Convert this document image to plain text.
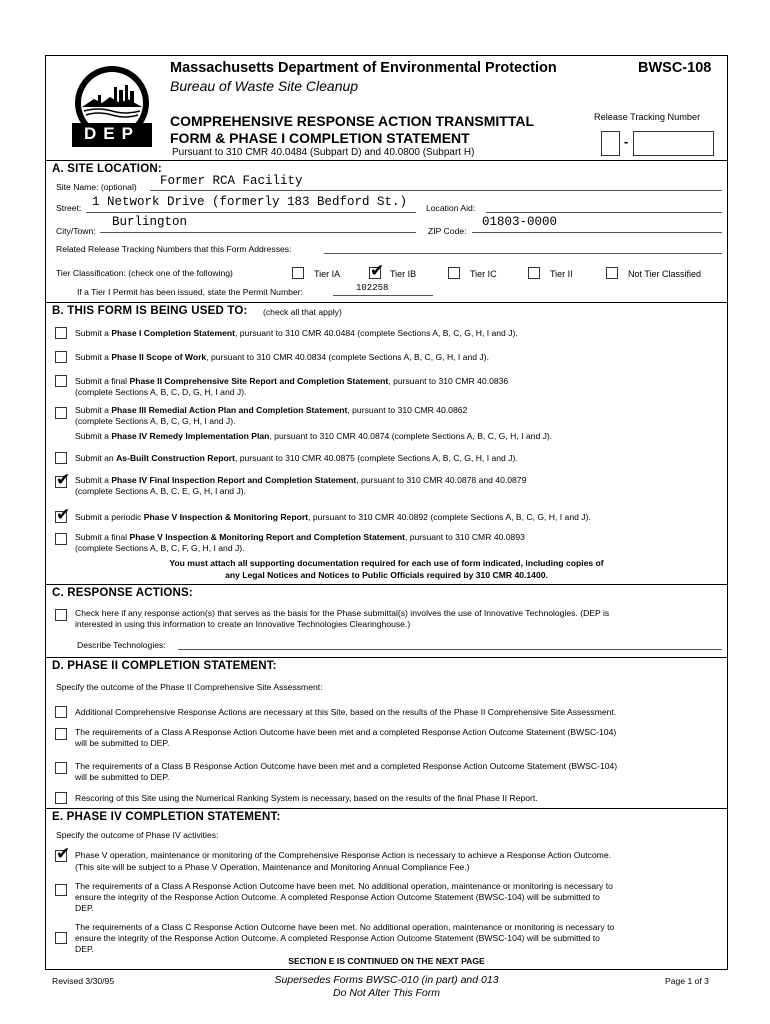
DEP
Massachusetts Department of Environmental Protection
Bureau of Waste Site Cleanup
BWSC-108
COMPREHENSIVE RESPONSE ACTION TRANSMITTAL
FORM & PHASE I COMPLETION STATEMENT
Pursuant to 310 CMR 40.0484 (Subpart D) and 40.0800 (Subpart H)
Release Tracking Number
-
A. SITE LOCATION:
Site Name: (optional) Former RCA Facility
Street: 1 Network Drive (formerly 183 Bedford St.) Location Aid:
City/Town:
Burlington
ZIP Code:
01803-0000
Related Release Tracking Numbers that this Form Addresses:
Tier Classification: (check one of the following)	Tier IA ✔ Tier IB	Tier IC	Tier II	Not Tier Classified
If a Tier I Permit has been issued, state the Permit Number:	102258
B. THIS FORM IS BEING USED TO: (check all that apply)
Submit a Phase I Completion Statement, pursuant to 310 CMR 40.0484 (complete Sections A, B, C, G, H, I and J).
Submit a Phase II Scope of Work, pursuant to 310 CMR 40.0834 (complete Sections A, B, C, G, H, I and J).
Submit a final Phase II Comprehensive Site Report and Completion Statement, pursuant to 310 CMR 40.0836
(complete Sections A, B, C, D, G, H, I and J).
Submit a Phase III Remedial Action Plan and Completion Statement, pursuant to 310 CMR 40.0862
(complete Sections A, B, C, G, H, I and J).
Submit a Phase IV Remedy Implementation Plan, pursuant to 310 CMR 40.0874 (complete Sections A, B, C, G, H, I and J).
Submit an As-Built Construction Report, pursuant to 310 CMR 40.0875 (complete Sections A, B, C, G, H, I and J).
✔ Submit a Phase IV Final Inspection Report and Completion Statement, pursuant to 310 CMR 40.0878 and 40.0879
(complete Sections A, B, C, E, G, H, I and J).
✔ Submit a periodic Phase V Inspection & Monitoring Report, pursuant to 310 CMR 40.0892 (complete Sections A, B, C, G, H, I and J).
Submit a final Phase V Inspection & Monitoring Report and Completion Statement, pursuant to 310 CMR 40.0893
(complete Sections A, B, C, F, G, H, I and J).
You must attach all supporting documentation required for each use of form indicated, including copies of
any Legal Notices and Notices to Public Officials required by 310 CMR 40.1400.
C. RESPONSE ACTIONS:
Check here if any response action(s) that serves as the basis for the Phase submittal(s) involves the use of Innovative Technologies. (DEP is
interested in using this information to create an Innovative Technologies Clearinghouse.)
Describe Technologies:
D. PHASE II COMPLETION STATEMENT:
Specify the outcome of the Phase II Comprehensive Site Assessment:
Additional Comprehensive Response Actions are necessary at this Site, based on the results of the Phase II Comprehensive Site Assessment.
The requirements of a Class A Response Action Outcome have been met and a completed Response Action Outcome Statement (BWSC-104)
will be submitted to DEP.
The requirements of a Class B Response Action Outcome have been met and a completed Response Action Outcome Statement (BWSC-104)
will be submitted to DEP.
Rescoring of this Site using the Numerical Ranking System is necessary, based on the results of the final Phase II Report.
E. PHASE IV COMPLETION STATEMENT:
Specify the outcome of Phase IV activities:
✔ Phase V operation, maintenance or monitoring of the Comprehensive Response Action is necessary to achieve a Response Action Outcome.
(This site will be subject to a Phase V Operation, Maintenance and Monitoring Annual Compliance Fee.)
The requirements of a Class A Response Action Outcome have been met. No additional operation, maintenance or monitoring is necessary to
ensure the integrity of the Response Action Outcome. A completed Response Action Outcome Statement (BWSC-104) will be submitted to
DEP.
The requirements of a Class C Response Action Outcome have been met. No additional operation, maintenance or monitoring is necessary to
ensure the integrity of the Response Action Outcome. A completed Response Action Outcome Statement (BWSC-104) will be submitted to
DEP.
SECTION E IS CONTINUED ON THE NEXT PAGE
Revised 3/30/95	Supersedes Forms BWSC-010 (in part) and 013
Do Not Alter This Form
Page 1 of 3
